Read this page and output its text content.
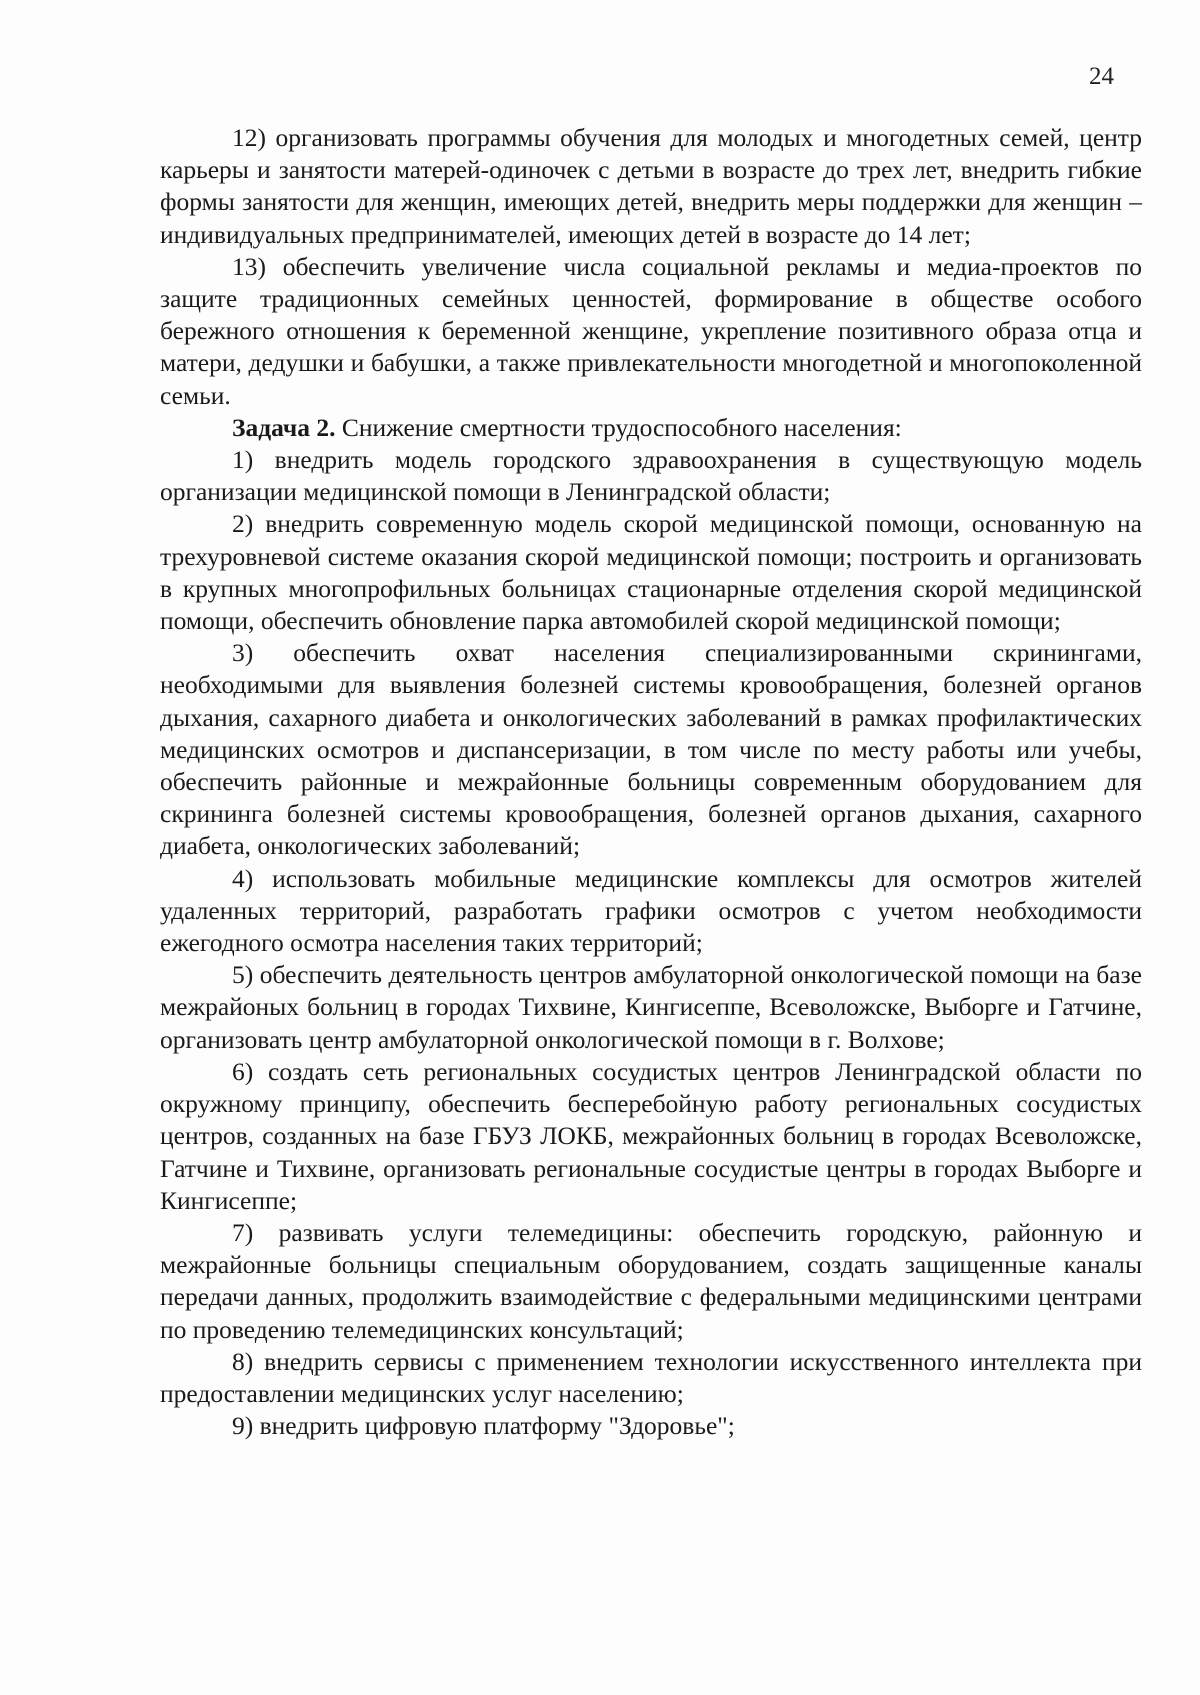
24

12) организовать программы обучения для молодых и многодетных семей, центр карьеры и занятости матерей-одиночек с детьми в возрасте до трех лет, внедрить гибкие формы занятости для женщин, имеющих детей, внедрить меры поддержки для женщин – индивидуальных предпринимателей, имеющих детей в возрасте до 14 лет;

13) обеспечить увеличение числа социальной рекламы и медиа-проектов по защите традиционных семейных ценностей, формирование в обществе особого бережного отношения к беременной женщине, укрепление позитивного образа отца и матери, дедушки и бабушки, а также привлекательности многодетной и многопоколенной семьи.

Задача 2. Снижение смертности трудоспособного населения:

1) внедрить модель городского здравоохранения в существующую модель организации медицинской помощи в Ленинградской области;

2) внедрить современную модель скорой медицинской помощи, основанную на трехуровневой системе оказания скорой медицинской помощи; построить и организовать в крупных многопрофильных больницах стационарные отделения скорой медицинской помощи, обеспечить обновление парка автомобилей скорой медицинской помощи;

3) обеспечить охват населения специализированными скринингами, необходимыми для выявления болезней системы кровообращения, болезней органов дыхания, сахарного диабета и онкологических заболеваний в рамках профилактических медицинских осмотров и диспансеризации, в том числе по месту работы или учебы, обеспечить районные и межрайонные больницы современным оборудованием для скрининга болезней системы кровообращения, болезней органов дыхания, сахарного диабета, онкологических заболеваний;

4) использовать мобильные медицинские комплексы для осмотров жителей удаленных территорий, разработать графики осмотров с учетом необходимости ежегодного осмотра населения таких территорий;

5) обеспечить деятельность центров амбулаторной онкологической помощи на базе межрайоных больниц в городах Тихвине, Кингисеппе, Всеволожске, Выборге и Гатчине, организовать центр амбулаторной онкологической помощи в г. Волхове;

6) создать сеть региональных сосудистых центров Ленинградской области по окружному принципу, обеспечить бесперебойную работу региональных сосудистых центров, созданных на базе ГБУЗ ЛОКБ, межрайонных больниц в городах Всеволожске, Гатчине и Тихвине, организовать региональные сосудистые центры в городах Выборге и Кингисеппе;

7) развивать услуги телемедицины: обеспечить городскую, районную и межрайонные больницы специальным оборудованием, создать защищенные каналы передачи данных, продолжить взаимодействие с федеральными медицинскими центрами по проведению телемедицинских консультаций;

8) внедрить сервисы с применением технологии искусственного интеллекта при предоставлении медицинских услуг населению;

9) внедрить цифровую платформу "Здоровье";
